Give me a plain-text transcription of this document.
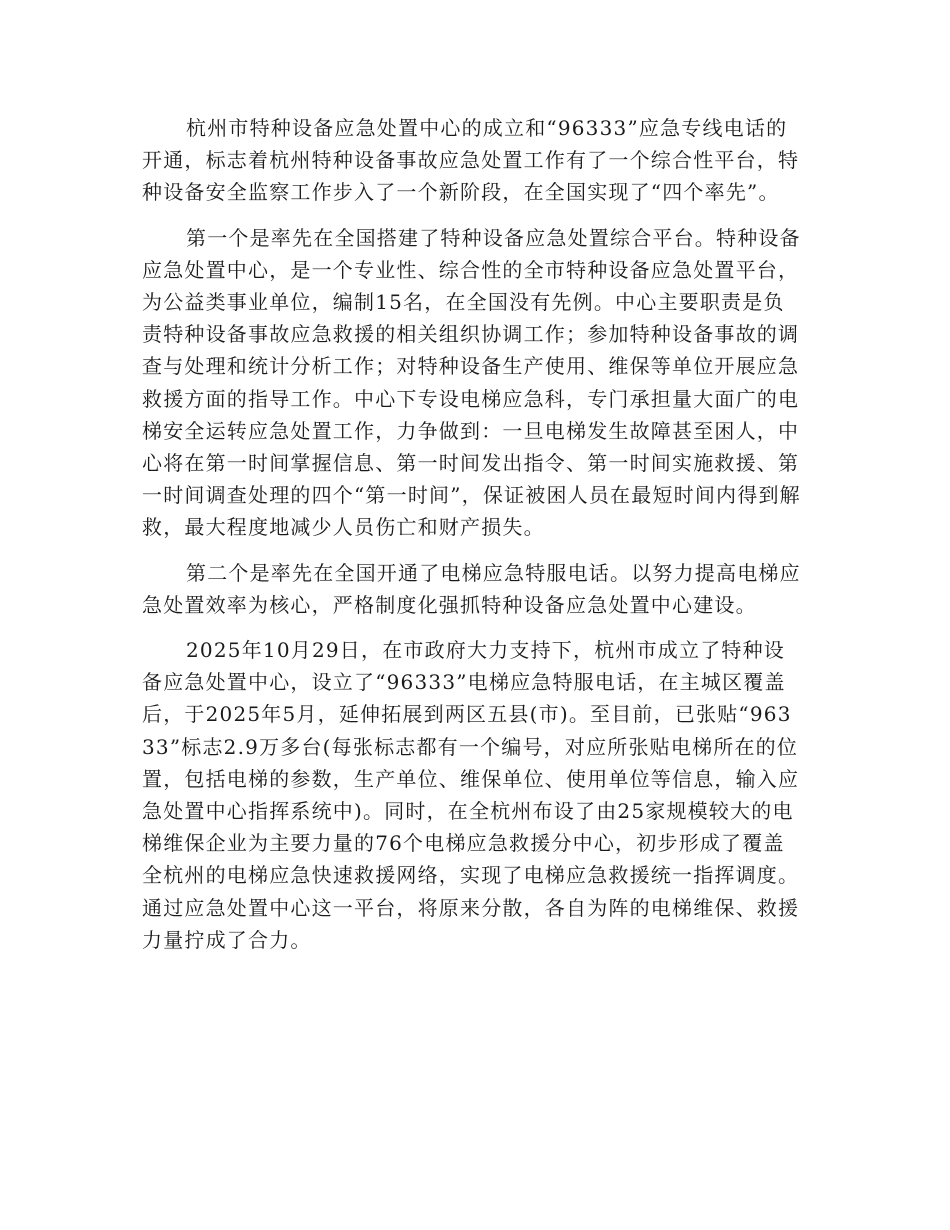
杭州市特种设备应急处置中心的成立和“96333”应急专线电话的开通，标志着杭州特种设备事故应急处置工作有了一个综合性平台，特种设备安全监察工作步入了一个新阶段，在全国实现了“四个率先”。

第一个是率先在全国搭建了特种设备应急处置综合平台。特种设备应急处置中心，是一个专业性、综合性的全市特种设备应急处置平台，为公益类事业单位，编制15名，在全国没有先例。中心主要职责是负责特种设备事故应急救援的相关组织协调工作；参加特种设备事故的调查与处理和统计分析工作；对特种设备生产使用、维保等单位开展应急救援方面的指导工作。中心下专设电梯应急科，专门承担量大面广的电梯安全运转应急处置工作，力争做到：一旦电梯发生故障甚至困人，中心将在第一时间掌握信息、第一时间发出指令、第一时间实施救援、第一时间调查处理的四个“第一时间”，保证被困人员在最短时间内得到解救，最大程度地减少人员伤亡和财产损失。

第二个是率先在全国开通了电梯应急特服电话。以努力提高电梯应急处置效率为核心，严格制度化强抓特种设备应急处置中心建设。

2025年10月29日，在市政府大力支持下，杭州市成立了特种设备应急处置中心，设立了“96333”电梯应急特服电话，在主城区覆盖后，于2025年5月，延伸拓展到两区五县(市)。至目前，已张贴“96333”标志2.9万多台(每张标志都有一个编号，对应所张贴电梯所在的位置，包括电梯的参数，生产单位、维保单位、使用单位等信息，输入应急处置中心指挥系统中)。同时，在全杭州布设了由25家规模较大的电梯维保企业为主要力量的76个电梯应急救援分中心，初步形成了覆盖全杭州的电梯应急快速救援网络，实现了电梯应急救援统一指挥调度。通过应急处置中心这一平台，将原来分散，各自为阵的电梯维保、救援力量拧成了合力。
